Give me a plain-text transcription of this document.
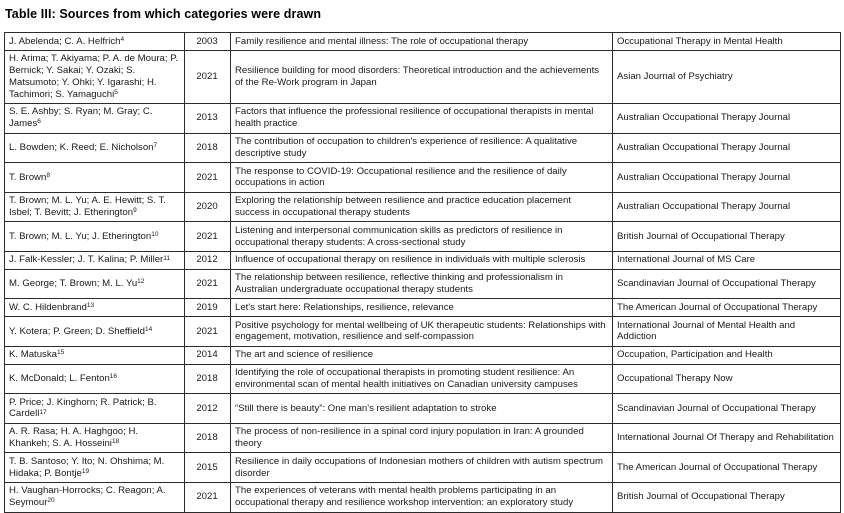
Table III: Sources from which categories were drawn
J. Abelenda; C. A. Helfrich$^4$	2003	Family resilience and mental illness: The role of occupational therapy	Occupational Therapy in Mental Health
H. Arima; T. Akiyama; P. A. de Moura; P. Bernick; Y. Sakai; Y. Ozaki; S. Matsumoto; Y. Ohki; Y. Igarashi; H. Tachimori; S. Yamaguchi$^5$	2021	Resilience building for mood disorders: Theoretical introduction and the achievements of the Re-Work program in Japan	Asian Journal of Psychiatry
S. E. Ashby; S. Ryan; M. Gray; C. James$^6$	2013	Factors that influence the professional resilience of occupational therapists in mental health practice	Australian Occupational Therapy Journal
L. Bowden; K. Reed; E. Nicholson$^7$	2018	The contribution of occupation to children's experience of resilience: A qualitative descriptive study	Australian Occupational Therapy Journal
T. Brown$^8$	2021	The response to COVID-19: Occupational resilience and the resilience of daily occupations in action	Australian Occupational Therapy Journal
T. Brown; M. L. Yu; A. E. Hewitt; S. T. Isbel; T. Bevitt; J. Etherington$^9$	2020	Exploring the relationship between resilience and practice education placement success in occupational therapy students	Australian Occupational Therapy Journal
T. Brown; M. L. Yu; J. Etherington$^{10}$	2021	Listening and interpersonal communication skills as predictors of resilience in occupational therapy students: A cross-sectional study	British Journal of Occupational Therapy
J. Falk-Kessler; J. T. Kalina; P. Miller$^{11}$	2012	Influence of occupational therapy on resilience in individuals with multiple sclerosis	International Journal of MS Care
M. George; T. Brown; M. L. Yu$^{12}$	2021	The relationship between resilience, reflective thinking and professionalism in Australian undergraduate occupational therapy students	Scandinavian Journal of Occupational Therapy
W. C. Hildenbrand$^{13}$	2019	Let's start here: Relationships, resilience, relevance	The American Journal of Occupational Therapy
Y. Kotera; P. Green; D. Sheffield$^{14}$	2021	Positive psychology for mental wellbeing of UK therapeutic students: Relationships with engagement, motivation, resilience and self-compassion	International Journal of Mental Health and Addiction
K. Matuska$^{15}$	2014	The art and science of resilience	Occupation, Participation and Health
K. McDonald; L. Fenton$^{16}$	2018	Identifying the role of occupational therapists in promoting student resilience: An environmental scan of mental health initiatives on Canadian university campuses	Occupational Therapy Now
P. Price; J. Kinghorn; R. Patrick; B. Cardell$^{17}$	2012	“Still there is beauty”: One man's resilient adaptation to stroke	Scandinavian Journal of Occupational Therapy
A. R. Rasa; H. A. Haghgoo; H. Khankeh; S. A. Hosseini$^{18}$	2018	The process of non-resilience in a spinal cord injury population in Iran: A grounded theory	International Journal Of Therapy and Rehabilitation
T. B. Santoso; Y. Ito; N. Ohshima; M. Hidaka; P. Bontje$^{19}$	2015	Resilience in daily occupations of Indonesian mothers of children with autism spectrum disorder	The American Journal of Occupational Therapy
H. Vaughan-Horrocks; C. Reagon; A. Seymour$^{20}$	2021	The experiences of veterans with mental health problems participating in an occupational therapy and resilience workshop intervention: an exploratory study	British Journal of Occupational Therapy
